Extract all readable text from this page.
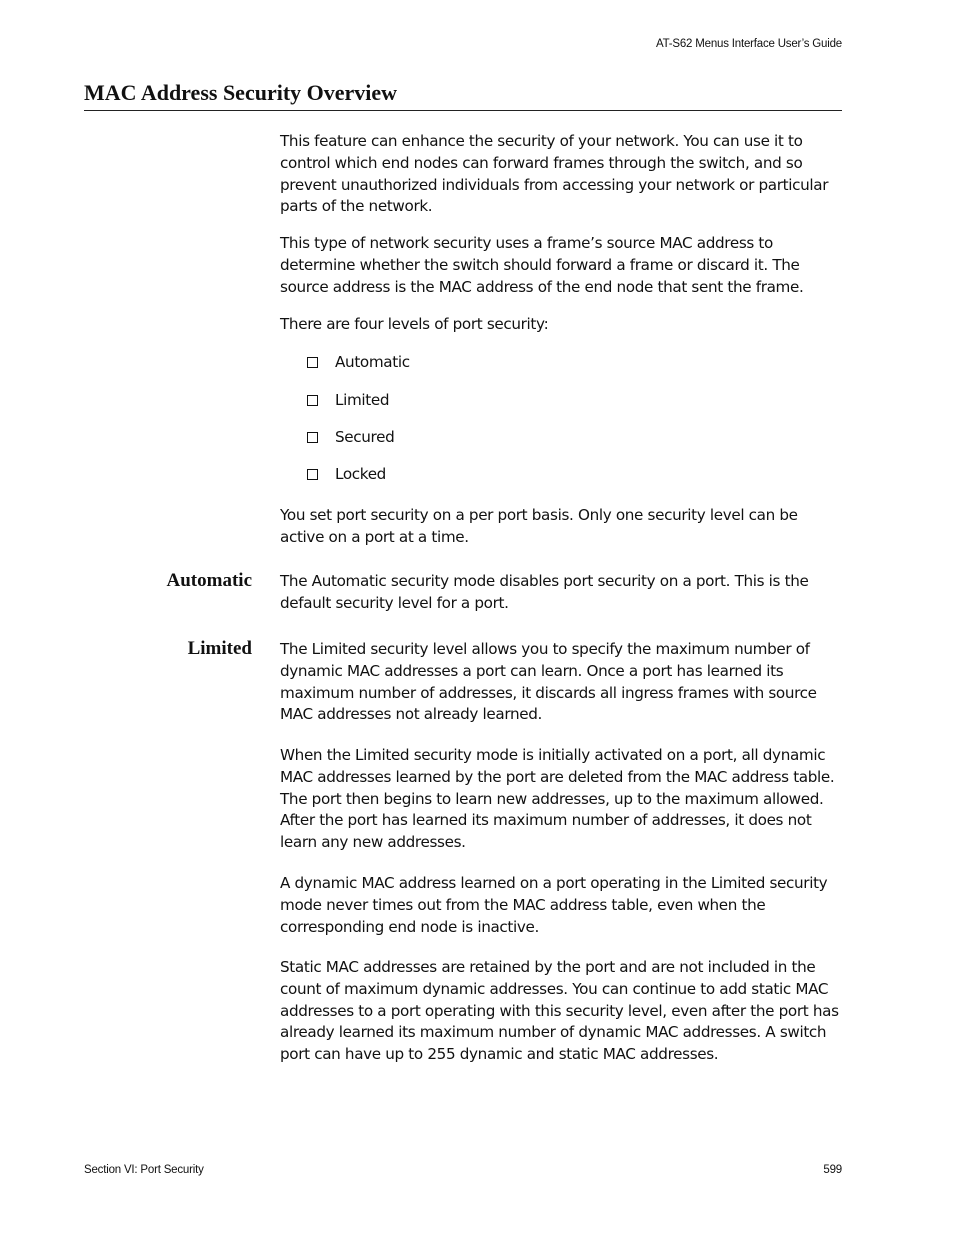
AT-S62 Menus Interface User’s Guide
MAC Address Security Overview

This feature can enhance the security of your network. You can use it to control which end nodes can forward frames through the switch, and so prevent unauthorized individuals from accessing your network or particular parts of the network.

This type of network security uses a frame’s source MAC address to determine whether the switch should forward a frame or discard it. The source address is the MAC address of the end node that sent the frame.

There are four levels of port security:

Automatic
Limited
Secured
Locked

You set port security on a per port basis. Only one security level can be active on a port at a time.

Automatic The Automatic security mode disables port security on a port. This is the default security level for a port.

Limited The Limited security level allows you to specify the maximum number of dynamic MAC addresses a port can learn. Once a port has learned its maximum number of addresses, it discards all ingress frames with source MAC addresses not already learned.

When the Limited security mode is initially activated on a port, all dynamic MAC addresses learned by the port are deleted from the MAC address table. The port then begins to learn new addresses, up to the maximum allowed. After the port has learned its maximum number of addresses, it does not learn any new addresses.

A dynamic MAC address learned on a port operating in the Limited security mode never times out from the MAC address table, even when the corresponding end node is inactive.

Static MAC addresses are retained by the port and are not included in the count of maximum dynamic addresses. You can continue to add static MAC addresses to a port operating with this security level, even after the port has already learned its maximum number of dynamic MAC addresses. A switch port can have up to 255 dynamic and static MAC addresses.

Section VI: Port Security	599
